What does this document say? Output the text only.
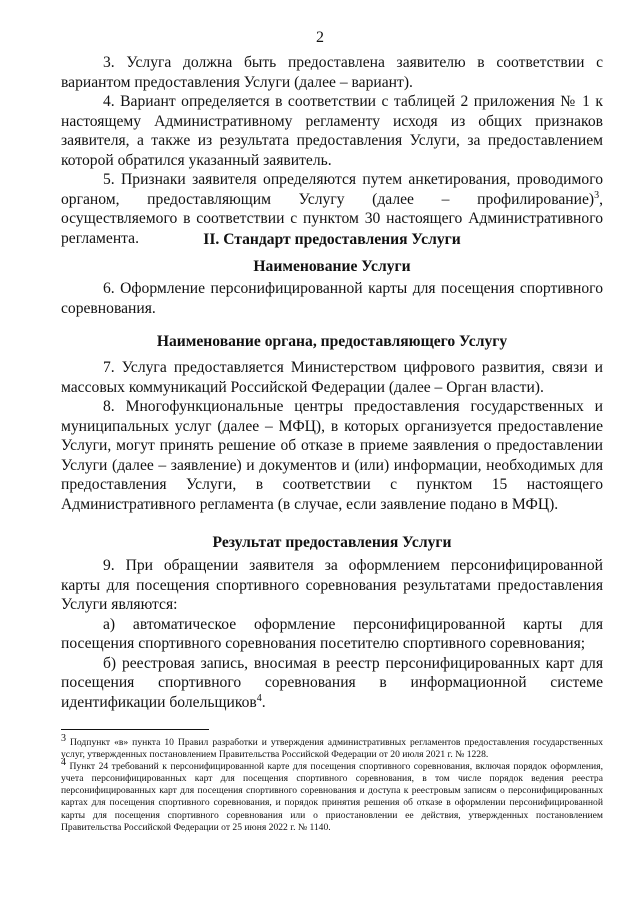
2

3. Услуга должна быть предоставлена заявителю в соответствии с вариантом предоставления Услуги (далее – вариант).

4. Вариант определяется в соответствии с таблицей 2 приложения № 1 к настоящему Административному регламенту исходя из общих признаков заявителя, а также из результата предоставления Услуги, за предоставлением которой обратился указанный заявитель.

5. Признаки заявителя определяются путем анкетирования, проводимого органом, предоставляющим Услугу (далее – профилирование)$^3$, осуществляемого в соответствии с пунктом 30 настоящего Административного регламента.	II. Стандарт предоставления Услуги
Наименование Услуги

6. Оформление персонифицированной карты для посещения спортивного соревнования.

Наименование органа, предоставляющего Услугу

7. Услуга предоставляется Министерством цифрового развития, связи и массовых коммуникаций Российской Федерации (далее – Орган власти).

8. Многофункциональные центры предоставления государственных и муниципальных услуг (далее – МФЦ), в которых организуется предоставление Услуги, могут принять решение об отказе в приеме заявления о предоставлении Услуги (далее – заявление) и документов и (или) информации, необходимых для предоставления Услуги, в соответствии с пунктом 15 настоящего Административного регламента (в случае, если заявление подано в МФЦ).

Результат предоставления Услуги

9. При обращении заявителя за оформлением персонифицированной карты для посещения спортивного соревнования результатами предоставления Услуги являются:

а) автоматическое оформление персонифицированной карты для посещения спортивного соревнования посетителю спортивного соревнования;

б) реестровая запись, вносимая в реестр персонифицированных карт для посещения спортивного соревнования в информационной системе идентификации болельщиков$^4$.

$^3$ Подпункт «в» пункта 10 Правил разработки и утверждения административных регламентов предоставления государственных услуг, утвержденных постановлением Правительства Российской Федерации от 20 июля 2021 г. № 1228.

$^4$ Пункт 24 требований к персонифицированной карте для посещения спортивного соревнования, включая порядок оформления, учета персонифицированных карт для посещения спортивного соревнования, в том числе порядок ведения реестра персонифицированных карт для посещения спортивного соревнования и доступа к реестровым записям о персонифицированных картах для посещения спортивного соревнования, и порядок принятия решения об отказе в оформлении персонифицированной карты для посещения спортивного соревнования или о приостановлении ее действия, утвержденных постановлением Правительства Российской Федерации от 25 июня 2022 г. № 1140.
